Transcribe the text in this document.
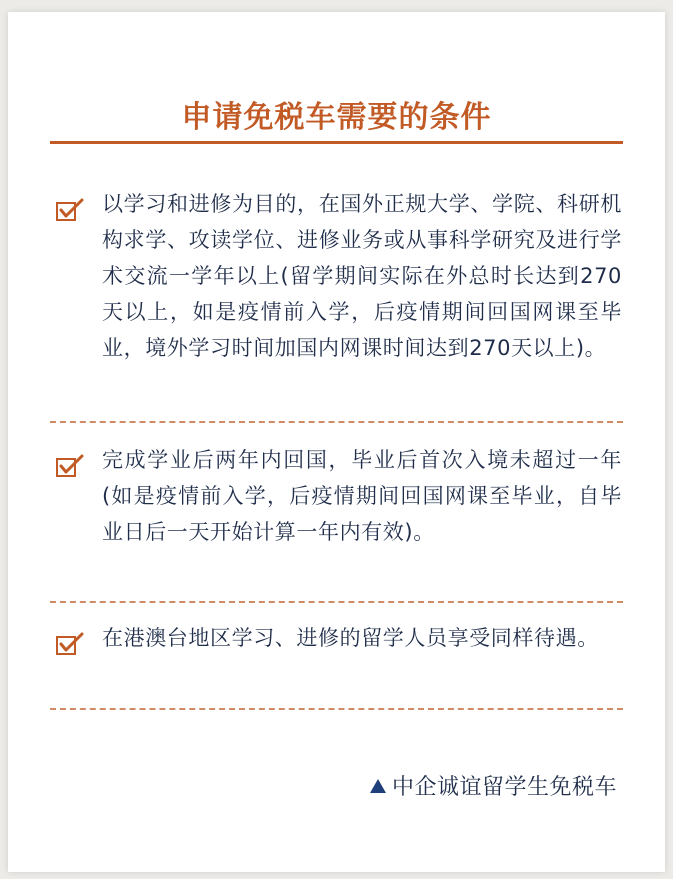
申请免税车需要的条件
以学习和进修为目的，在国外正规大学、学院、科研机构求学、攻读学位、进修业务或从事科学研究及进行学术交流一学年以上(留学期间实际在外总时长达到270天以上，如是疫情前入学，后疫情期间回国网课至毕业，境外学习时间加国内网课时间达到270天以上)。
完成学业后两年内回国，毕业后首次入境未超过一年(如是疫情前入学，后疫情期间回国网课至毕业，自毕业日后一天开始计算一年内有效)。
在港澳台地区学习、进修的留学人员享受同样待遇。
中企诚谊留学生免税车
